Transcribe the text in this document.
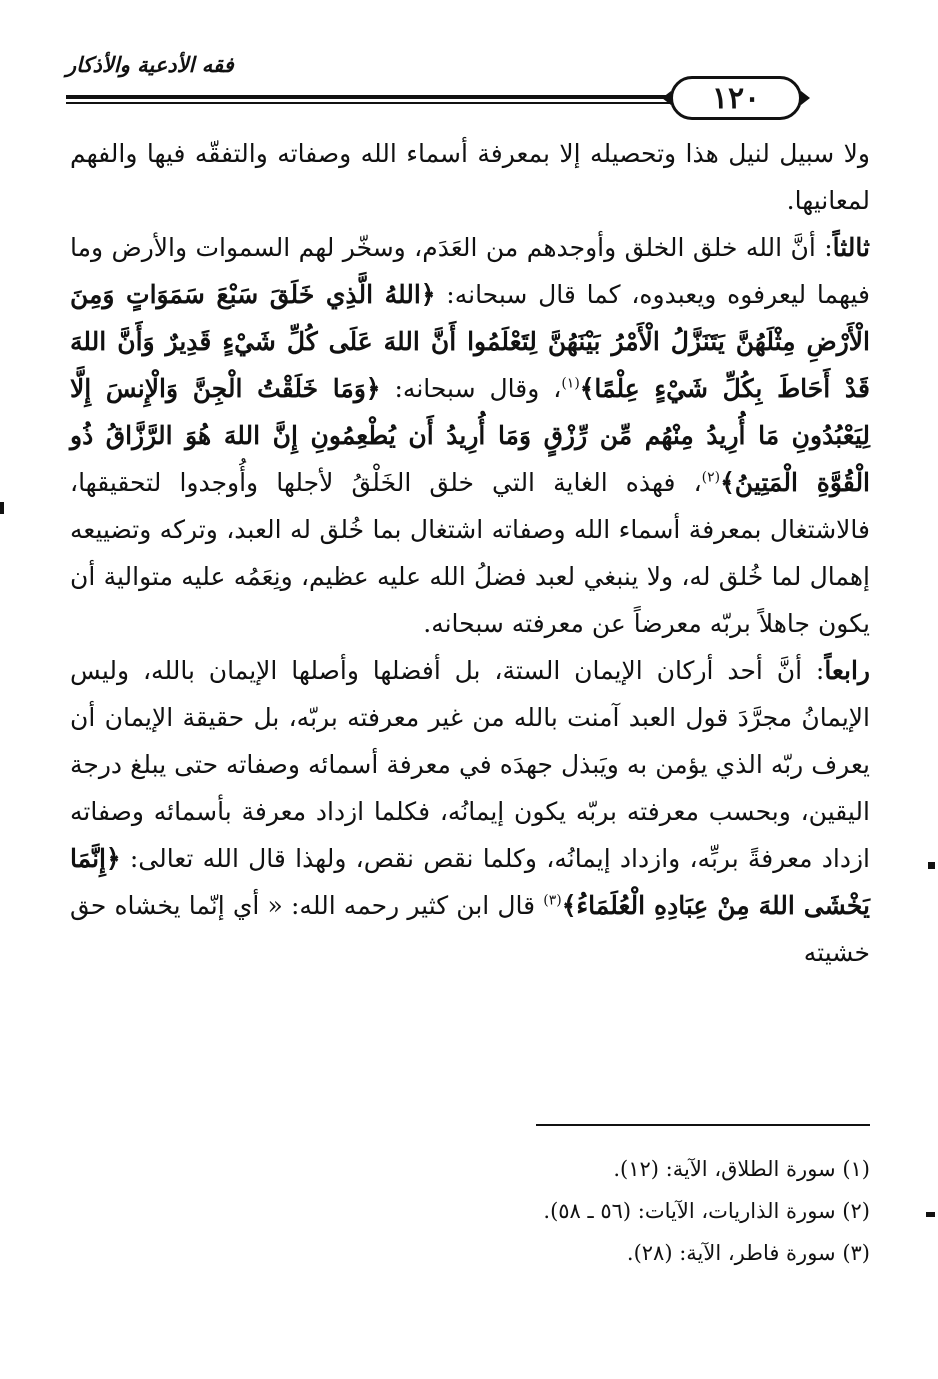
فقه الأدعية والأذكار
١٢٠

ولا سبيل لنيل هذا وتحصيله إلا بمعرفة أسماء الله وصفاته والتفقّه فيها والفهم لمعانيها.

ثالثاً: أنَّ الله خلق الخلق وأوجدهم من العَدَم، وسخّر لهم السموات والأرض وما فيهما ليعرفوه ويعبدوه، كما قال سبحانه: ﴿اللهُ الَّذِي خَلَقَ سَبْعَ سَمَوَاتٍ وَمِنَ الْأَرْضِ مِثْلَهُنَّ يَتَنَزَّلُ الْأَمْرُ بَيْنَهُنَّ لِتَعْلَمُوا أَنَّ اللهَ عَلَى كُلِّ شَيْءٍ قَدِيرٌ وَأَنَّ اللهَ قَدْ أَحَاطَ بِكُلِّ شَيْءٍ عِلْمًا﴾$^{(١)}$، وقال سبحانه: ﴿وَمَا خَلَقْتُ الْجِنَّ وَالْإِنسَ إِلَّا لِيَعْبُدُونِ مَا أُرِيدُ مِنْهُم مِّن رِّزْقٍ وَمَا أُرِيدُ أَن يُطْعِمُونِ إِنَّ اللهَ هُوَ الرَّزَّاقُ ذُو الْقُوَّةِ الْمَتِينُ﴾$^{(٢)}$، فهذه الغاية التي خلق الخَلْقُ لأجلها وأُوجدوا لتحقيقها، فالاشتغال بمعرفة أسماء الله وصفاته اشتغال بما خُلق له العبد، وتركه وتضييعه إهمال لما خُلق له، ولا ينبغي لعبد فضلُ الله عليه عظيم، ونِعَمُه عليه متوالية أن يكون جاهلاً بربّه معرضاً عن معرفته سبحانه.

رابعاً: أنَّ أحد أركان الإيمان الستة، بل أفضلها وأصلها الإيمان بالله، وليس الإيمانُ مجرَّدَ قول العبد آمنت بالله من غير معرفته بربّه، بل حقيقة الإيمان أن يعرف ربّه الذي يؤمن به ويَبذل جهدَه في معرفة أسمائه وصفاته حتى يبلغ درجة اليقين، وبحسب معرفته بربّه يكون إيمانُه، فكلما ازداد معرفة بأسمائه وصفاته ازداد معرفةً بربِّه، وازداد إيمانُه، وكلما نقص نقص، ولهذا قال الله تعالى: ﴿إِنَّمَا يَخْشَى اللهَ مِنْ عِبَادِهِ الْعُلَمَاءُ﴾$^{(٣)}$ قال ابن كثير رحمه الله: « أي إنّما يخشاه حق خشيته

(١) سورة الطلاق، الآية: (١٢).
(٢) سورة الذاريات، الآيات: (٥٦ ـ ٥٨).
(٣) سورة فاطر، الآية: (٢٨).
